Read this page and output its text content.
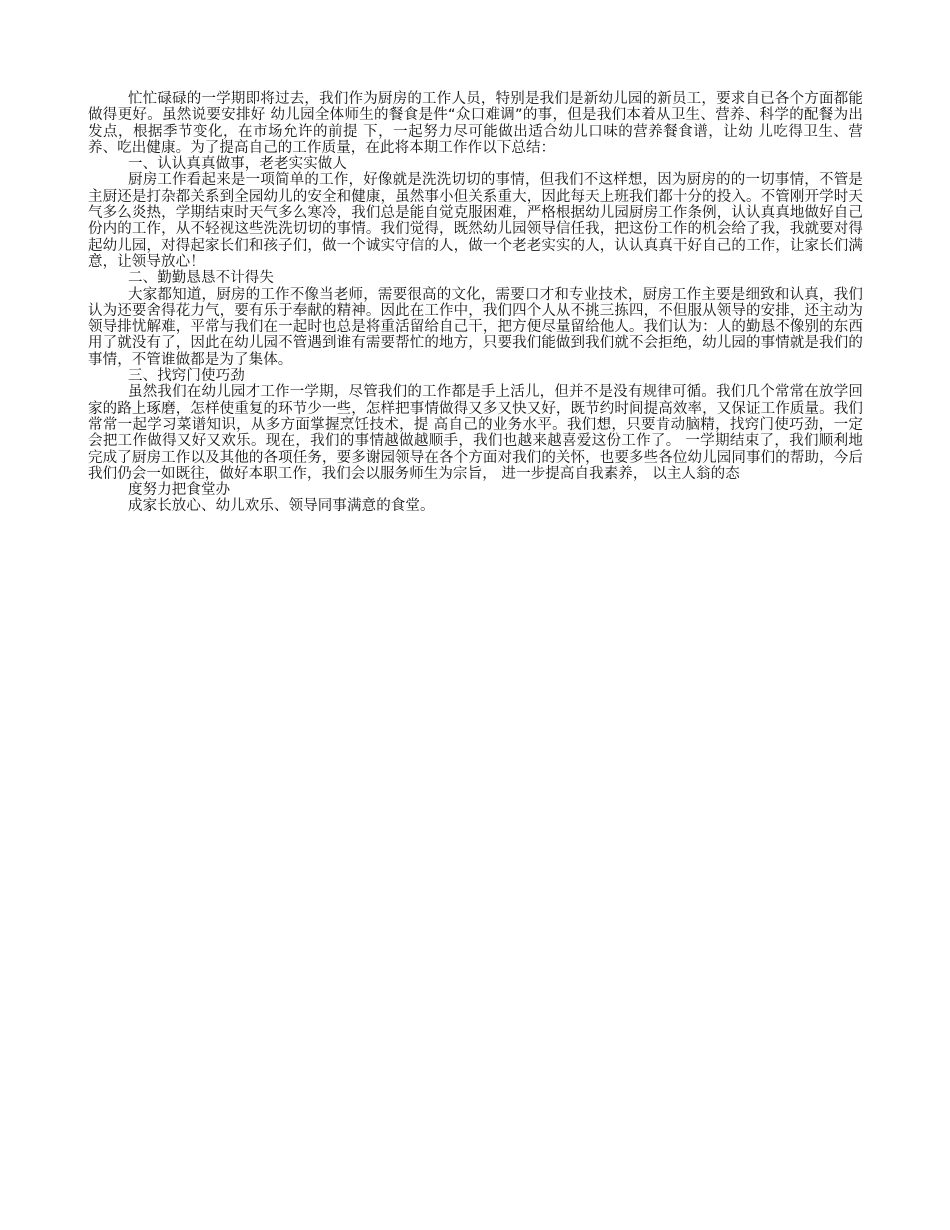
忙忙碌碌的一学期即将过去，我们作为厨房的工作人员，特别是我们是新幼儿园的新员工，要求自已各个方面都能做得更好。虽然说要安排好 幼儿园全体师生的餐食是件“众口难调”的事，但是我们本着从卫生、营养、科学的配餐为出发点，根据季节变化，在市场允许的前提 下，一起努力尽可能做出适合幼儿口味的营养餐食谱，让幼 儿吃得卫生、营养、吃出健康。为了提高自己的工作质量，在此将本期工作作以下总结：

一、认认真真做事，老老实实做人

厨房工作看起来是一项简单的工作，好像就是洗洗切切的事情，但我们不这样想，因为厨房的的一切事情，不管是主厨还是打杂都关系到全园幼儿的安全和健康，虽然事小但关系重大，因此每天上班我们都十分的投入。不管刚开学时天气多么炎热，学期结束时天气多么寒冷，我们总是能自觉克服困难，严格根据幼儿园厨房工作条例，认认真真地做好自己份内的工作，从不轻视这些洗洗切切的事情。我们觉得，既然幼儿园领导信任我，把这份工作的机会给了我，我就要对得起幼儿园，对得起家长们和孩子们，做一个诚实守信的人，做一个老老实实的人，认认真真干好自己的工作，让家长们满意，让领导放心！

二、勤勤恳恳不计得失

大家都知道，厨房的工作不像当老师，需要很高的文化，需要口才和专业技术，厨房工作主要是细致和认真，我们认为还要舍得花力气，要有乐于奉献的精神。因此在工作中，我们四个人从不挑三拣四，不但服从领导的安排，还主动为领导排忧解难，平常与我们在一起时也总是将重活留给自己干，把方便尽量留给他人。我们认为：人的勤恳不像别的东西用了就没有了，因此在幼儿园不管遇到谁有需要帮忙的地方，只要我们能做到我们就不会拒绝，幼儿园的事情就是我们的事情，不管谁做都是为了集体。

三、找窍门使巧劲

虽然我们在幼儿园才工作一学期，尽管我们的工作都是手上活儿，但并不是没有规律可循。我们几个常常在放学回家的路上琢磨，怎样使重复的环节少一些，怎样把事情做得又多又快又好，既节约时间提高效率，又保证工作质量。我们常常一起学习菜谱知识，从多方面掌握烹饪技术，提 高自己的业务水平。我们想，只要肯动脑精，找窍门使巧劲，一定会把工作做得又好又欢乐。现在，我们的事情越做越顺手，我们也越来越喜爱这份工作了。 一学期结束了，我们顺利地完成了厨房工作以及其他的各项任务，要多谢园领导在各个方面对我们的关怀，也要多些各位幼儿园同事们的帮助，今后我们仍会一如既往，做好本职工作，我们会以服务师生为宗旨， 进一步提高自我素养， 以主人翁的态

度努力把食堂办

成家长放心、幼儿欢乐、领导同事满意的食堂。
